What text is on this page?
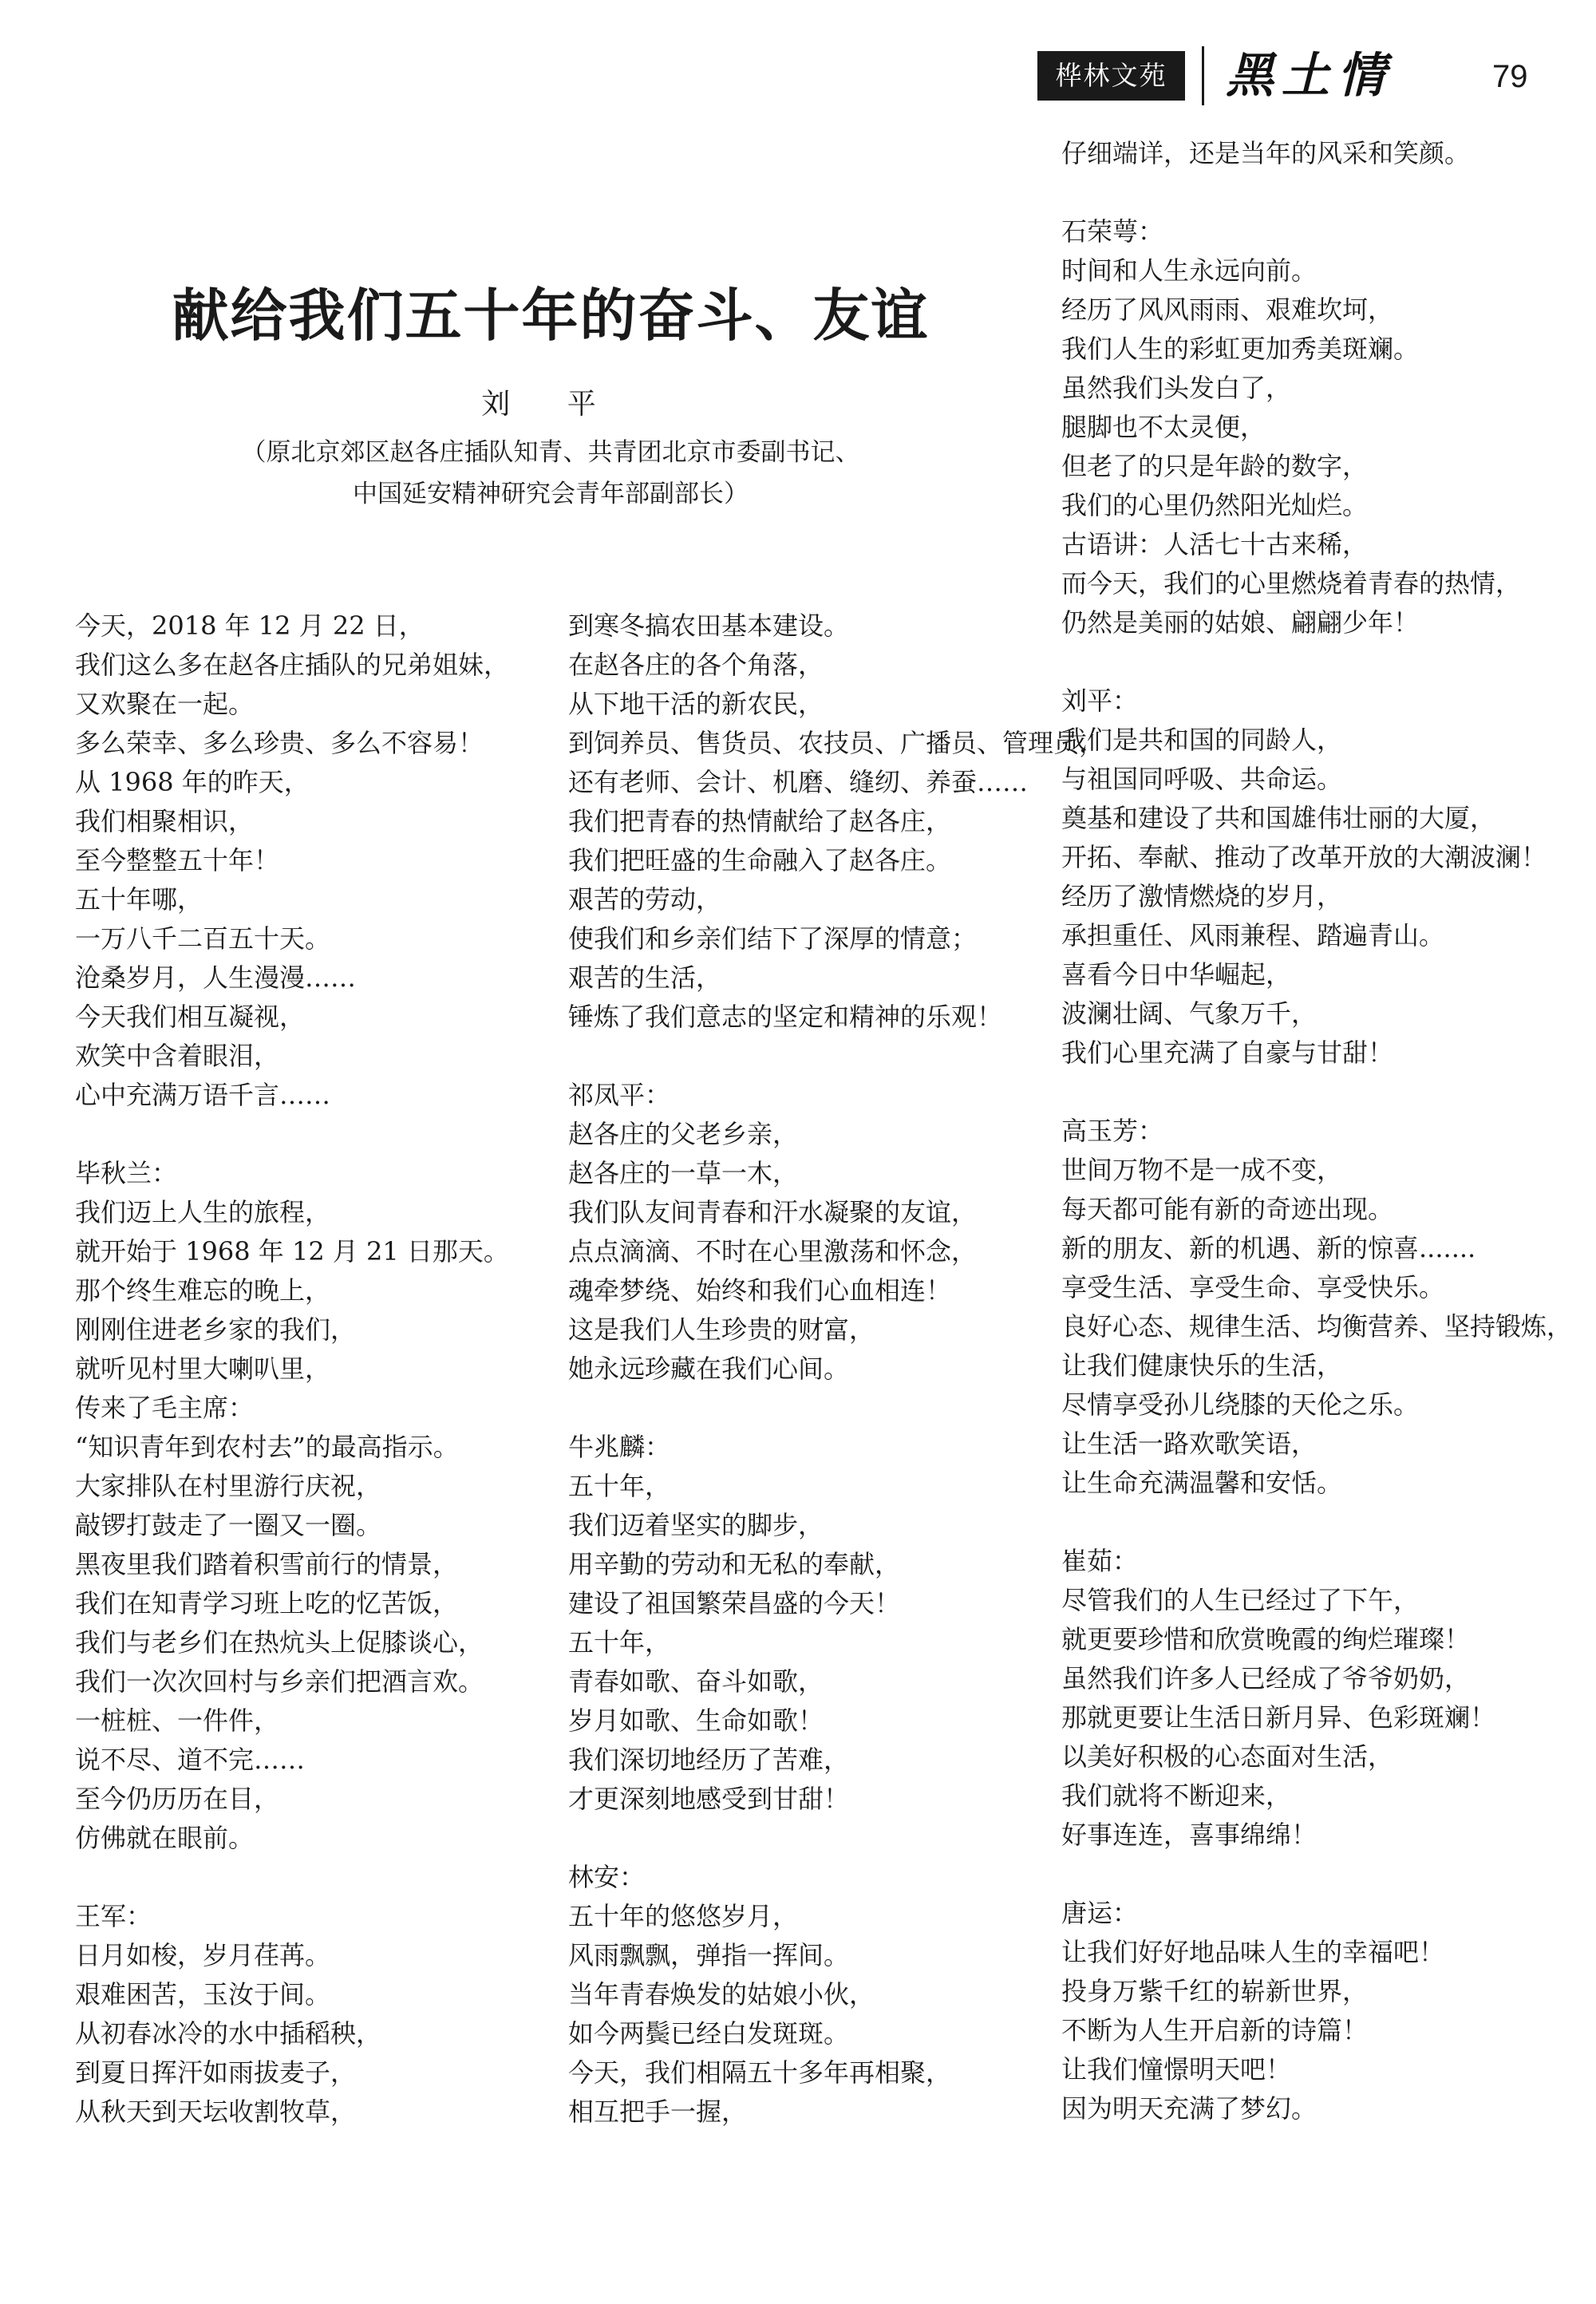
桦林文苑	黑土情	79
献给我们五十年的奋斗、友谊
刘 平
（原北京郊区赵各庄插队知青、共青团北京市委副书记、
中国延安精神研究会青年部副部长）
今天，2018 年 12 月 22 日，
我们这么多在赵各庄插队的兄弟姐妹，
又欢聚在一起。
多么荣幸、多么珍贵、多么不容易！
从 1968 年的昨天，
我们相聚相识，
至今整整五十年！
五十年哪，
一万八千二百五十天。
沧桑岁月，人生漫漫……
今天我们相互凝视，
欢笑中含着眼泪，
心中充满万语千言……
毕秋兰：
我们迈上人生的旅程，
就开始于 1968 年 12 月 21 日那天。
那个终生难忘的晚上，
刚刚住进老乡家的我们，
就听见村里大喇叭里，
传来了毛主席：
“知识青年到农村去”的最高指示。
大家排队在村里游行庆祝，
敲锣打鼓走了一圈又一圈。
黑夜里我们踏着积雪前行的情景，
我们在知青学习班上吃的忆苦饭，
我们与老乡们在热炕头上促膝谈心，
我们一次次回村与乡亲们把酒言欢。
一桩桩、一件件，
说不尽、道不完……
至今仍历历在目，
仿佛就在眼前。
王军：
日月如梭，岁月荏苒。
艰难困苦，玉汝于间。
从初春冰冷的水中插稻秧，
到夏日挥汗如雨拔麦子，
从秋天到天坛收割牧草，
到寒冬搞农田基本建设。
在赵各庄的各个角落，
从下地干活的新农民，
到饲养员、售货员、农技员、广播员、管理员，
还有老师、会计、机磨、缝纫、养蚕……
我们把青春的热情献给了赵各庄，
我们把旺盛的生命融入了赵各庄。
艰苦的劳动，
使我们和乡亲们结下了深厚的情意；
艰苦的生活，
锤炼了我们意志的坚定和精神的乐观！
祁凤平：
赵各庄的父老乡亲，
赵各庄的一草一木，
我们队友间青春和汗水凝聚的友谊，
点点滴滴、不时在心里激荡和怀念，
魂牵梦绕、始终和我们心血相连！
这是我们人生珍贵的财富，
她永远珍藏在我们心间。
牛兆麟：
五十年，
我们迈着坚实的脚步，
用辛勤的劳动和无私的奉献，
建设了祖国繁荣昌盛的今天！
五十年，
青春如歌、奋斗如歌，
岁月如歌、生命如歌！
我们深切地经历了苦难，
才更深刻地感受到甘甜！
林安：
五十年的悠悠岁月，
风雨飘飘，弹指一挥间。
当年青春焕发的姑娘小伙，
如今两鬓已经白发斑斑。
今天，我们相隔五十多年再相聚，
相互把手一握，
仔细端详，还是当年的风采和笑颜。
石荣萼：
时间和人生永远向前。
经历了风风雨雨、艰难坎坷，
我们人生的彩虹更加秀美斑斓。
虽然我们头发白了，
腿脚也不太灵便，
但老了的只是年龄的数字，
我们的心里仍然阳光灿烂。
古语讲：人活七十古来稀，
而今天，我们的心里燃烧着青春的热情，
仍然是美丽的姑娘、翩翩少年！
刘平：
我们是共和国的同龄人，
与祖国同呼吸、共命运。
奠基和建设了共和国雄伟壮丽的大厦，
开拓、奉献、推动了改革开放的大潮波澜！
经历了激情燃烧的岁月，
承担重任、风雨兼程、踏遍青山。
喜看今日中华崛起，
波澜壮阔、气象万千，
我们心里充满了自豪与甘甜！
高玉芳：
世间万物不是一成不变，
每天都可能有新的奇迹出现。
新的朋友、新的机遇、新的惊喜.......
享受生活、享受生命、享受快乐。
良好心态、规律生活、均衡营养、坚持锻炼，
让我们健康快乐的生活，
尽情享受孙儿绕膝的天伦之乐。
让生活一路欢歌笑语，
让生命充满温馨和安恬。
崔茹：
尽管我们的人生已经过了下午，
就更要珍惜和欣赏晚霞的绚烂璀璨！
虽然我们许多人已经成了爷爷奶奶，
那就更要让生活日新月异、色彩斑斓！
以美好积极的心态面对生活，
我们就将不断迎来，
好事连连，喜事绵绵！
唐运：
让我们好好地品味人生的幸福吧！
投身万紫千红的崭新世界，
不断为人生开启新的诗篇！
让我们憧憬明天吧！
因为明天充满了梦幻。
